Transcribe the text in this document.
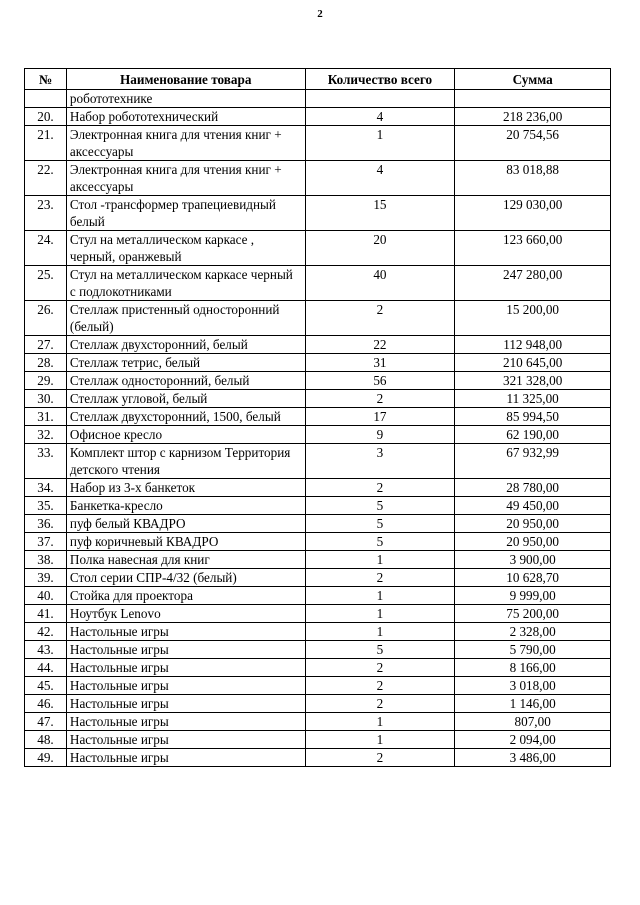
2
№	Наименование товара	Количество всего	Сумма
	робототехнике		
20.	Набор робототехнический	4	218 236,00
21.	Электронная книга для чтения книг + аксессуары	1	20 754,56
22.	Электронная книга для чтения книг + аксессуары	4	83 018,88
23.	Стол -трансформер трапециевидный белый	15	129 030,00
24.	Стул на металлическом каркасе , черный, оранжевый	20	123 660,00
25.	Стул на металлическом каркасе черный с подлокотниками	40	247 280,00
26.	Стеллаж пристенный односторонний (белый)	2	15 200,00
27.	Стеллаж двухсторонний, белый	22	112 948,00
28.	Стеллаж тетрис, белый	31	210 645,00
29.	Стеллаж односторонний, белый	56	321 328,00
30.	Стеллаж угловой, белый	2	11 325,00
31.	Стеллаж двухсторонний, 1500, белый	17	85 994,50
32.	Офисное кресло	9	62 190,00
33.	Комплект штор с карнизом Территория детского чтения	3	67 932,99
34.	Набор из 3-х банкеток	2	28 780,00
35.	Банкетка-кресло	5	49 450,00
36.	пуф белый КВАДРО	5	20 950,00
37.	пуф коричневый КВАДРО	5	20 950,00
38.	Полка навесная для книг	1	3 900,00
39.	Стол серии СПР-4/32 (белый)	2	10 628,70
40.	Стойка для проектора	1	9 999,00
41.	Ноутбук Lenovo	1	75 200,00
42.	Настольные игры	1	2 328,00
43.	Настольные игры	5	5 790,00
44.	Настольные игры	2	8 166,00
45.	Настольные игры	2	3 018,00
46.	Настольные игры	2	1 146,00
47.	Настольные игры	1	807,00
48.	Настольные игры	1	2 094,00
49.	Настольные игры	2	3 486,00
